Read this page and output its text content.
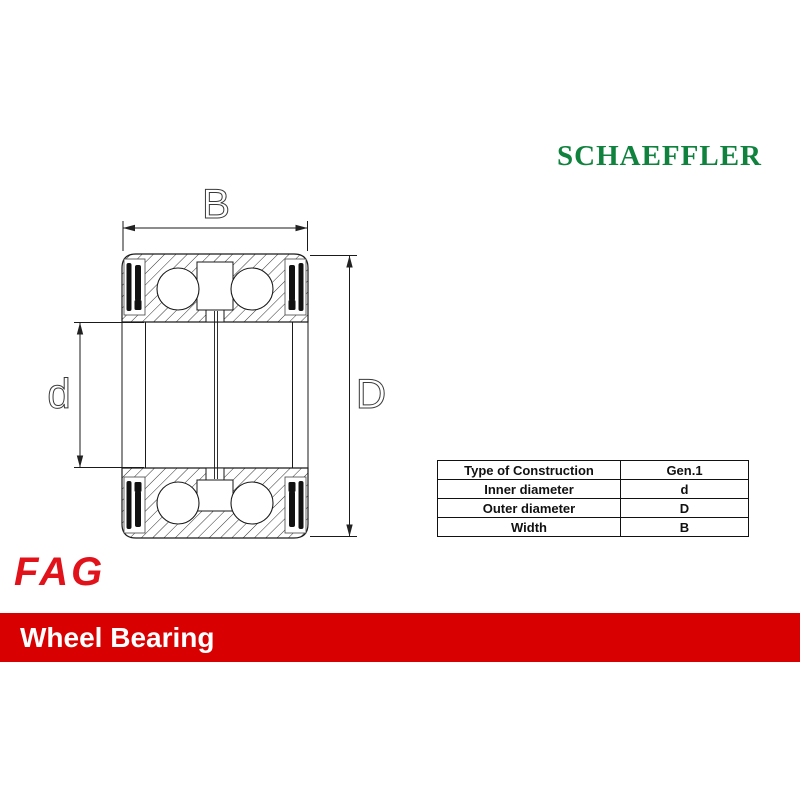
SCHAEFFLER
B
d	D
Type of Construction	Gen.1
Inner diameter	d
Outer diameter	D
Width	B
FAG
Wheel Bearing
